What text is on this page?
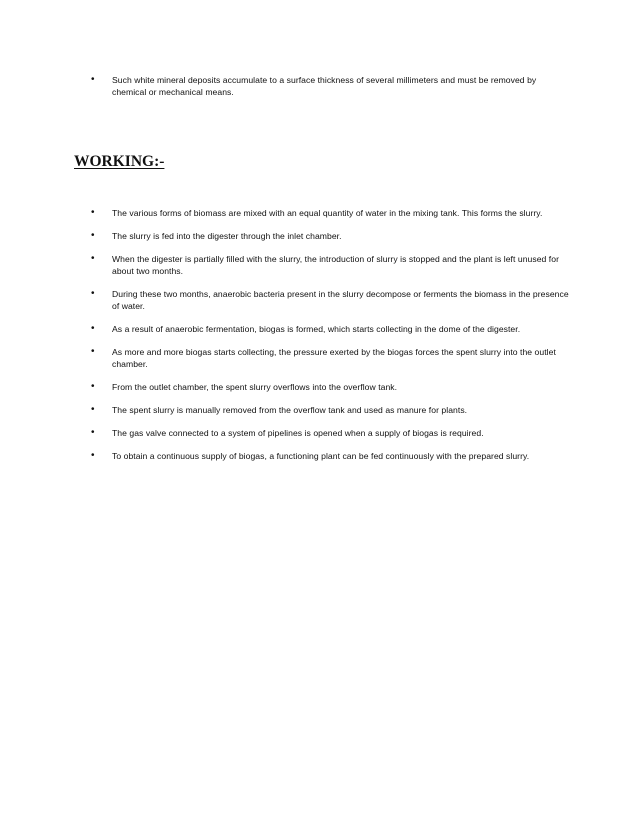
• Such white mineral deposits accumulate to a surface thickness of several millimeters and must be removed by chemical or mechanical means.
WORKING:-
• The various forms of biomass are mixed with an equal quantity of water in the mixing tank. This forms the slurry.
• The slurry is fed into the digester through the inlet chamber.
• When the digester is partially filled with the slurry, the introduction of slurry is stopped and the plant is left unused for about two months.
• During these two months, anaerobic bacteria present in the slurry decompose or ferments the biomass in the presence of water.
• As a result of anaerobic fermentation, biogas is formed, which starts collecting in the dome of the digester.
• As more and more biogas starts collecting, the pressure exerted by the biogas forces the spent slurry into the outlet chamber.
• From the outlet chamber, the spent slurry overflows into the overflow tank.
• The spent slurry is manually removed from the overflow tank and used as manure for plants.
• The gas valve connected to a system of pipelines is opened when a supply of biogas is required.
• To obtain a continuous supply of biogas, a functioning plant can be fed continuously with the prepared slurry.
